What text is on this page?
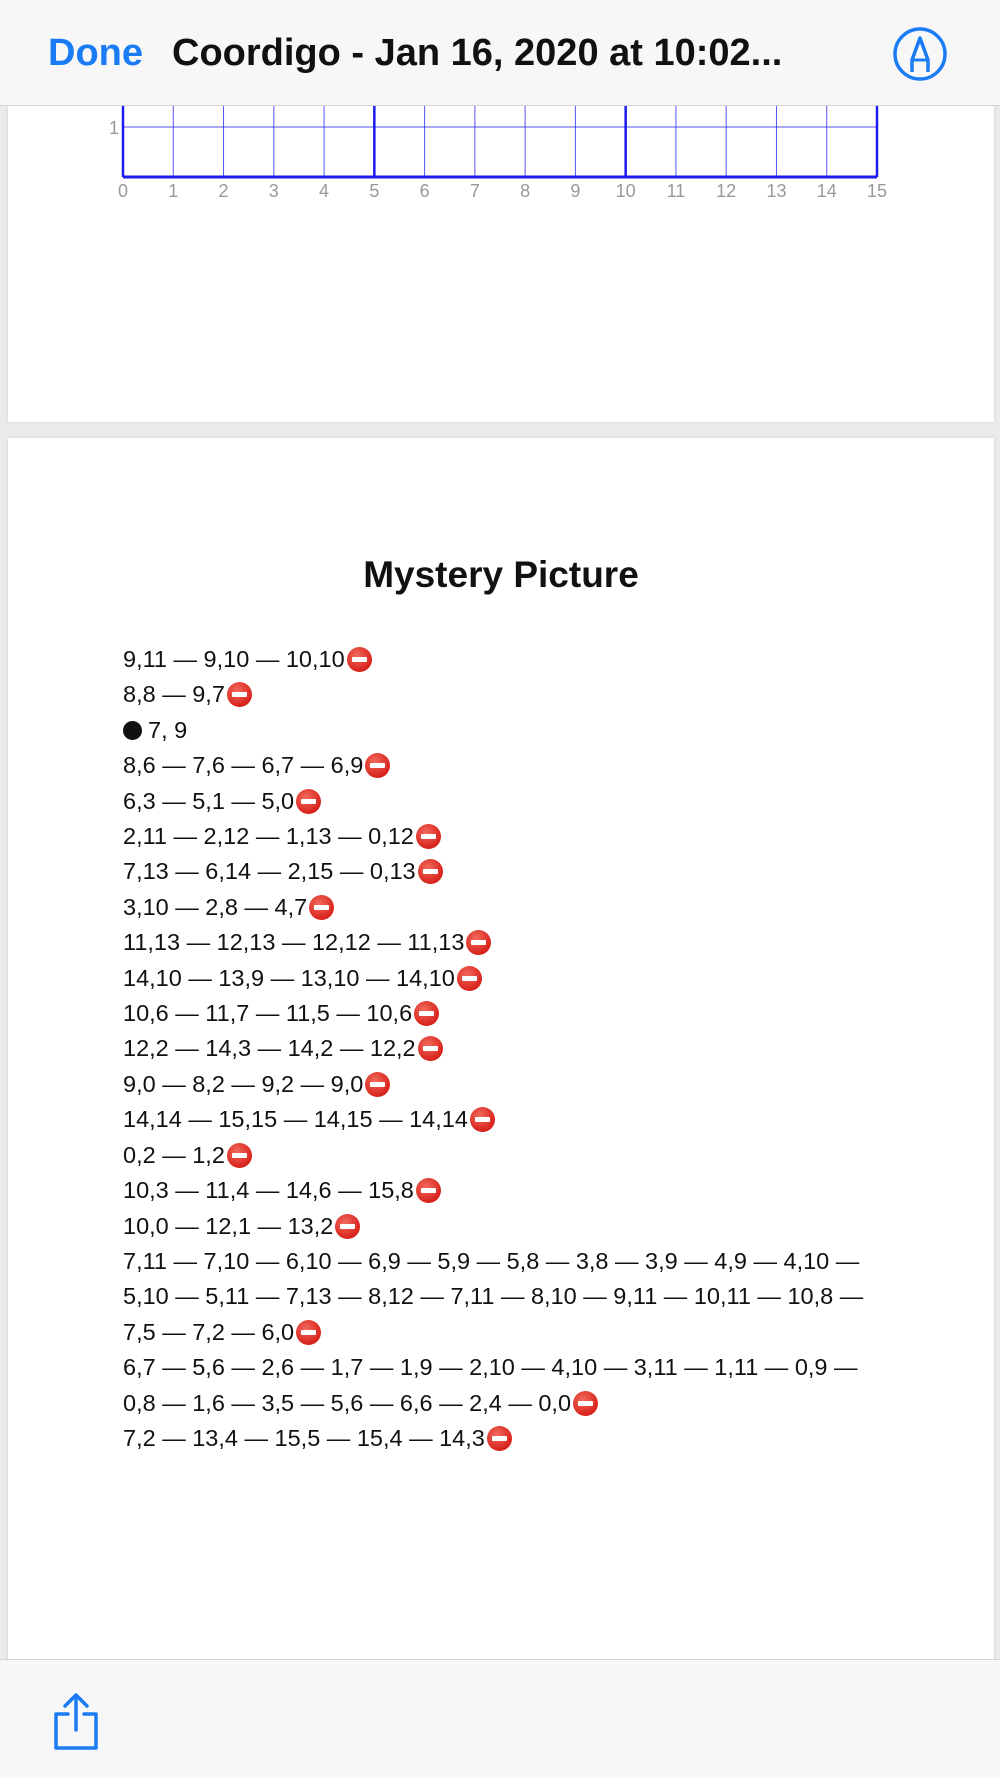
Done Coordigo - Jan 16, 2020 at 10:02...
1
0 1 2 3 4 5 6 7 8 9 10 11 12 13 14 15
Mystery Picture
9,11 — 9,10 — 10,10
8,8 — 9,7
7, 9
8,6 — 7,6 — 6,7 — 6,9
6,3 — 5,1 — 5,0
2,11 — 2,12 — 1,13 — 0,12
7,13 — 6,14 — 2,15 — 0,13
3,10 — 2,8 — 4,7
11,13 — 12,13 — 12,12 — 11,13
14,10 — 13,9 — 13,10 — 14,10
10,6 — 11,7 — 11,5 — 10,6
12,2 — 14,3 — 14,2 — 12,2
9,0 — 8,2 — 9,2 — 9,0
14,14 — 15,15 — 14,15 — 14,14
0,2 — 1,2
10,3 — 11,4 — 14,6 — 15,8
10,0 — 12,1 — 13,2
7,11 — 7,10 — 6,10 — 6,9 — 5,9 — 5,8 — 3,8 — 3,9 — 4,9 — 4,10 — 5,10 — 5,11 — 7,13 — 8,12 — 7,11 — 8,10 — 9,11 — 10,11 — 10,8 — 7,5 — 7,2 — 6,0
6,7 — 5,6 — 2,6 — 1,7 — 1,9 — 2,10 — 4,10 — 3,11 — 1,11 — 0,9 — 0,8 — 1,6 — 3,5 — 5,6 — 6,6 — 2,4 — 0,0
7,2 — 13,4 — 15,5 — 15,4 — 14,3
